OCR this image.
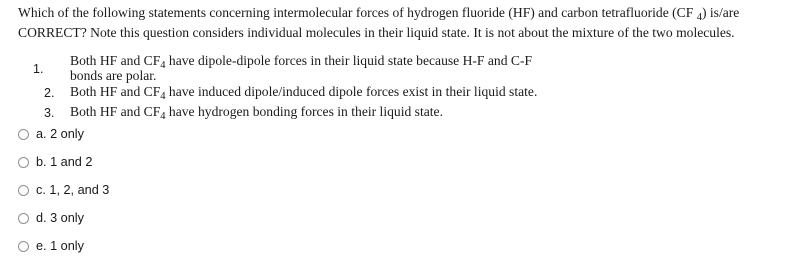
Which of the following statements concerning intermolecular forces of hydrogen fluoride (HF) and carbon tetrafluoride (CF $_4$) is/are
CORRECT? Note this question considers individual molecules in their liquid state. It is not about the mixture of the two molecules.
1.
Both HF and $CF_4$ have dipole-dipole forces in their liquid state because H-F and C-F
bonds are polar.
2. Both HF and $CF_4$ have induced dipole/induced dipole forces exist in their liquid state.
3. Both HF and $CF_4$ have hydrogen bonding forces in their liquid state.
a. 2 only
b. 1 and 2
c. 1, 2, and 3
d. 3 only
e. 1 only
